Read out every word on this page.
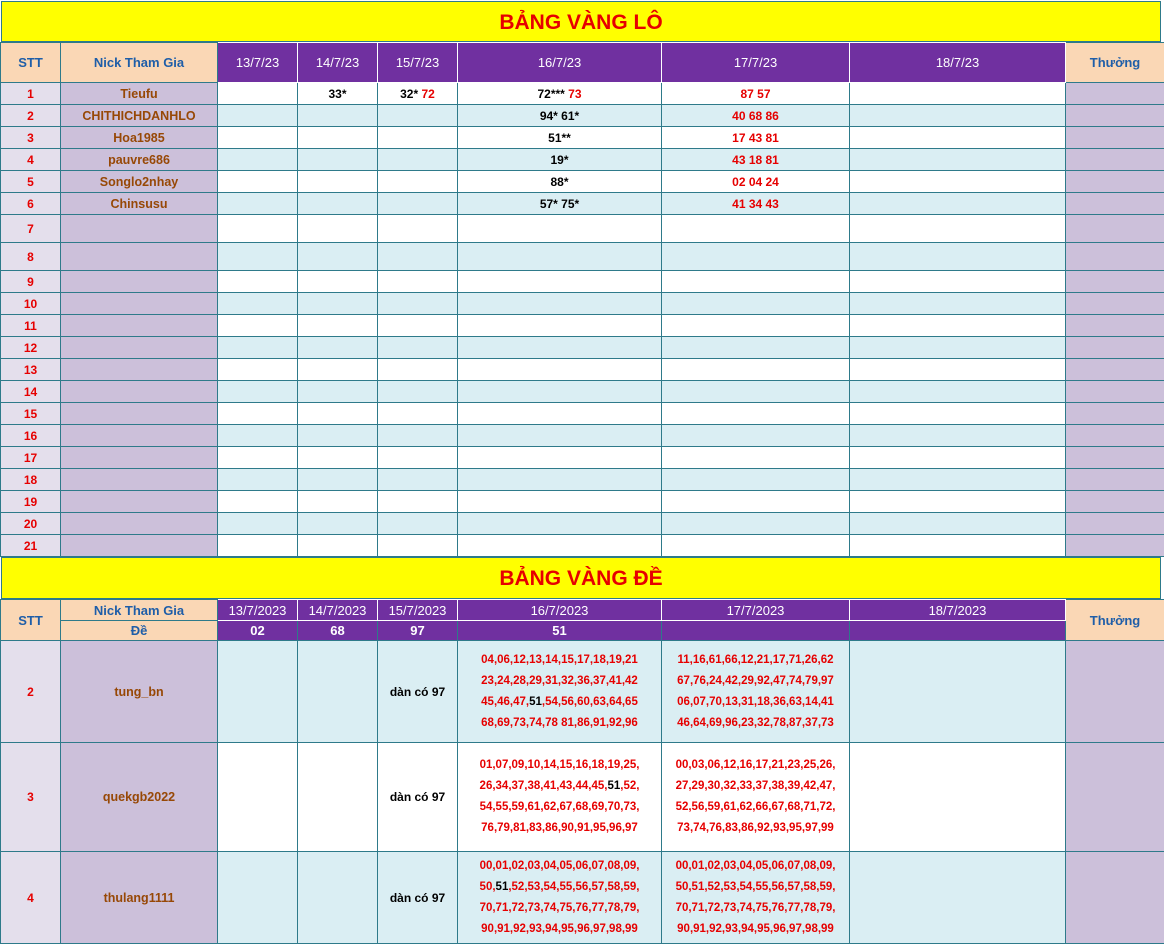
BẢNG VÀNG LÔ
STT	Nick Tham Gia	13/7/23	14/7/23	15/7/23	16/7/23	17/7/23	18/7/23	Thưởng
1	Tieufu		33*	32* 72	72*** 73	87 57		
2	CHITHICHDANHLO				94* 61*	40 68 86		
3	Hoa1985				51**	17 43 81		
4	pauvre686				19*	43 18 81		
5	Songlo2nhay				88*	02 04 24		
6	Chinsusu				57* 75*	41 34 43		
7								
8								
9								
10								
11								
12								
13								
14								
15								
16								
17								
18								
19								
20								
21								
BẢNG VÀNG ĐỀ
STT	Nick Tham Gia	13/7/2023	14/7/2023	15/7/2023	16/7/2023	17/7/2023	18/7/2023	Thưởng
	Đề	02	68	97	51			
2	tung_bn			dàn có 97	04,06,12,13,14,15,17,18,19,21 23,24,28,29,31,32,36,37,41,42 45,46,47,51,54,56,60,63,64,65 68,69,73,74,78 81,86,91,92,96	11,16,61,66,12,21,17,71,26,62 67,76,24,42,29,92,47,74,79,97 06,07,70,13,31,18,36,63,14,41 46,64,69,96,23,32,78,87,37,73		
3	quekgb2022			dàn có 97	01,07,09,10,14,15,16,18,19,25, 26,34,37,38,41,43,44,45,51,52, 54,55,59,61,62,67,68,69,70,73, 76,79,81,83,86,90,91,95,96,97	00,03,06,12,16,17,21,23,25,26, 27,29,30,32,33,37,38,39,42,47, 52,56,59,61,62,66,67,68,71,72, 73,74,76,83,86,92,93,95,97,99		
4	thulang1111			dàn có 97	00,01,02,03,04,05,06,07,08,09, 50,51,52,53,54,55,56,57,58,59, 70,71,72,73,74,75,76,77,78,79, 90,91,92,93,94,95,96,97,98,99	00,01,02,03,04,05,06,07,08,09, 50,51,52,53,54,55,56,57,58,59, 70,71,72,73,74,75,76,77,78,79, 90,91,92,93,94,95,96,97,98,99		
